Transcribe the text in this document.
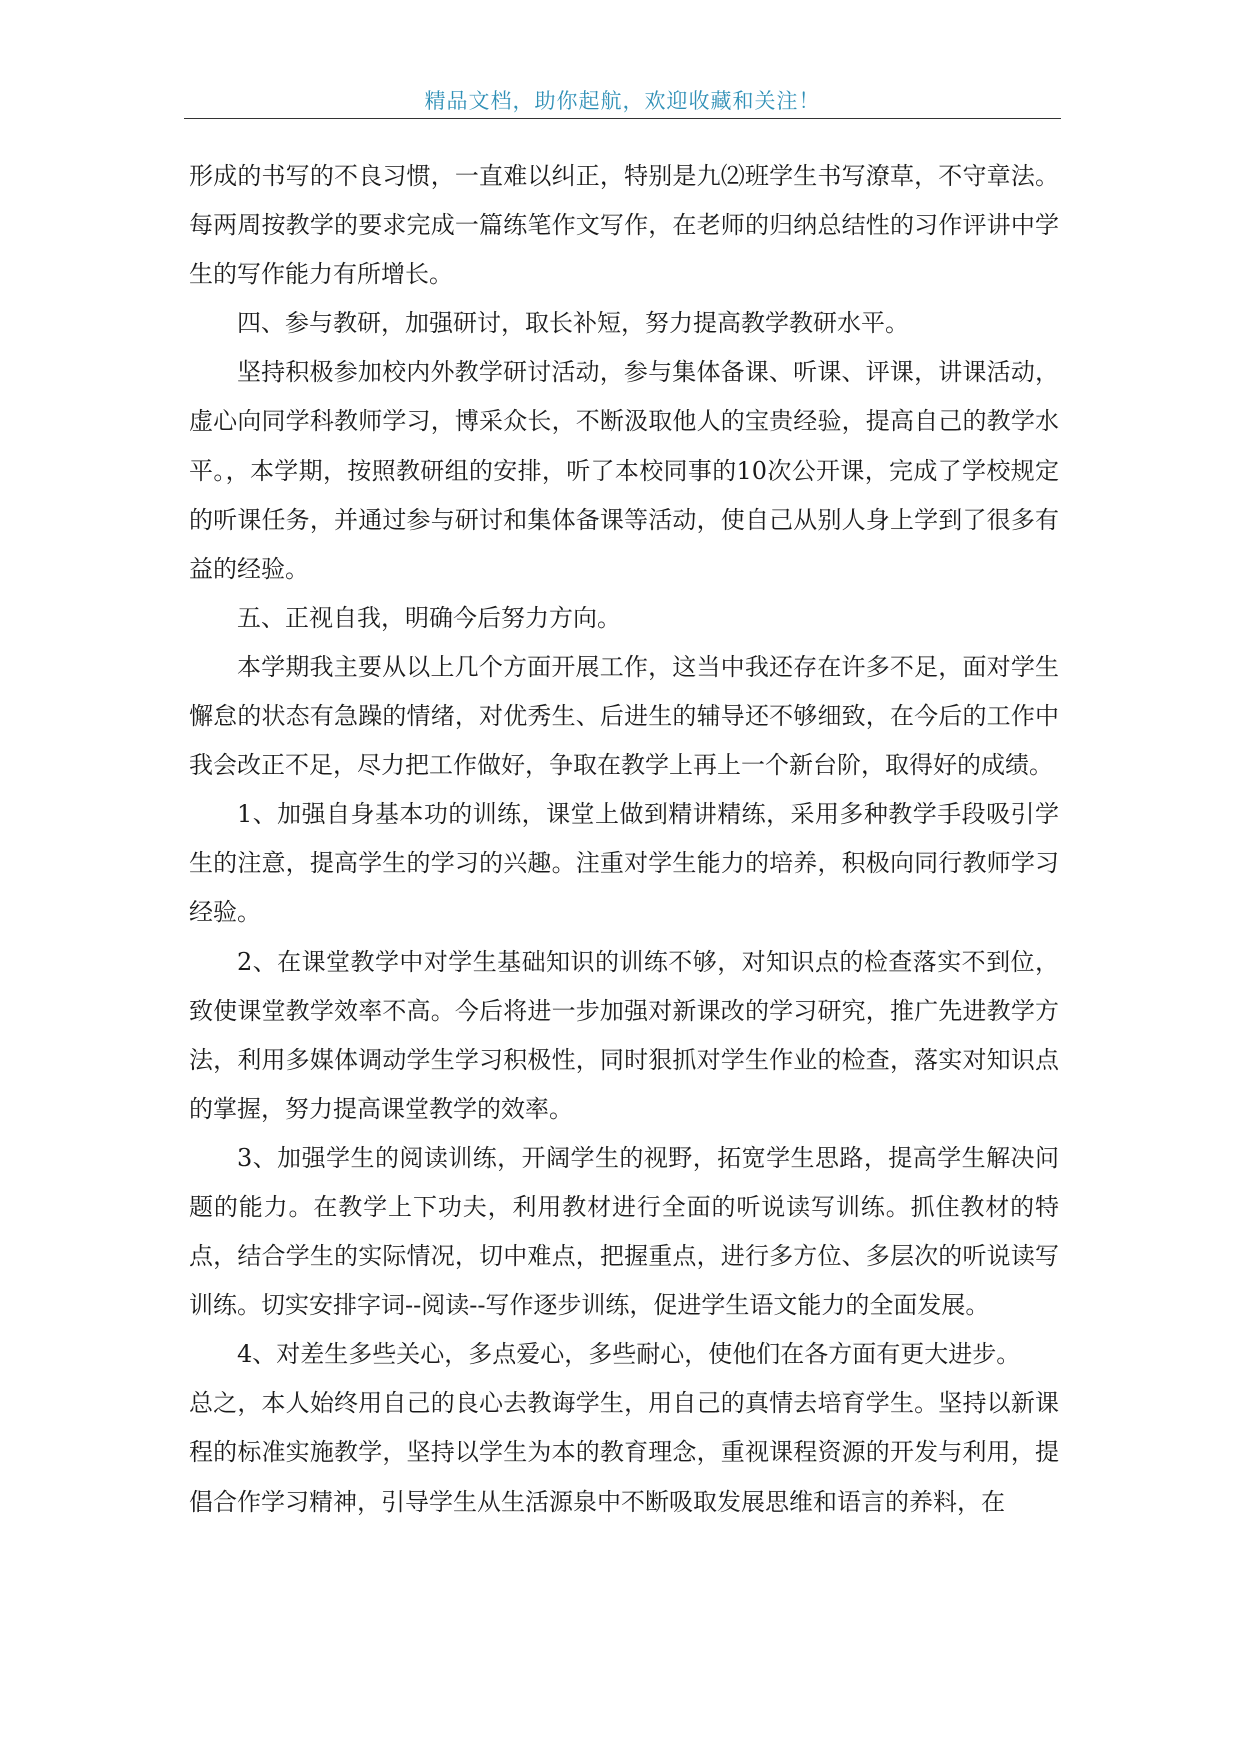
精品文档，助你起航，欢迎收藏和关注！

形成的书写的不良习惯，一直难以纠正，特别是九⑵班学生书写潦草，不守章法。每两周按教学的要求完成一篇练笔作文写作，在老师的归纳总结性的习作评讲中学生的写作能力有所增长。

四、参与教研，加强研讨，取长补短，努力提高教学教研水平。

坚持积极参加校内外教学研讨活动，参与集体备课、听课、评课，讲课活动，虚心向同学科教师学习，博采众长，不断汲取他人的宝贵经验，提高自己的教学水平。，本学期，按照教研组的安排，听了本校同事的10次公开课，完成了学校规定的听课任务，并通过参与研讨和集体备课等活动，使自己从别人身上学到了很多有益的经验。

五、正视自我，明确今后努力方向。

本学期我主要从以上几个方面开展工作，这当中我还存在许多不足，面对学生懈怠的状态有急躁的情绪，对优秀生、后进生的辅导还不够细致，在今后的工作中我会改正不足，尽力把工作做好，争取在教学上再上一个新台阶，取得好的成绩。

1、加强自身基本功的训练，课堂上做到精讲精练，采用多种教学手段吸引学生的注意，提高学生的学习的兴趣。注重对学生能力的培养，积极向同行教师学习经验。

2、在课堂教学中对学生基础知识的训练不够，对知识点的检查落实不到位，致使课堂教学效率不高。今后将进一步加强对新课改的学习研究，推广先进教学方法，利用多媒体调动学生学习积极性，同时狠抓对学生作业的检查，落实对知识点的掌握，努力提高课堂教学的效率。

3、加强学生的阅读训练，开阔学生的视野，拓宽学生思路，提高学生解决问题的能力。在教学上下功夫，利用教材进行全面的听说读写训练。抓住教材的特点，结合学生的实际情况，切中难点，把握重点，进行多方位、多层次的听说读写训练。切实安排字词--阅读--写作逐步训练，促进学生语文能力的全面发展。

4、对差生多些关心，多点爱心，多些耐心，使他们在各方面有更大进步。

总之，本人始终用自己的良心去教诲学生，用自己的真情去培育学生。坚持以新课程的标准实施教学，坚持以学生为本的教育理念，重视课程资源的开发与利用，提倡合作学习精神，引导学生从生活源泉中不断吸取发展思维和语言的养料，在
